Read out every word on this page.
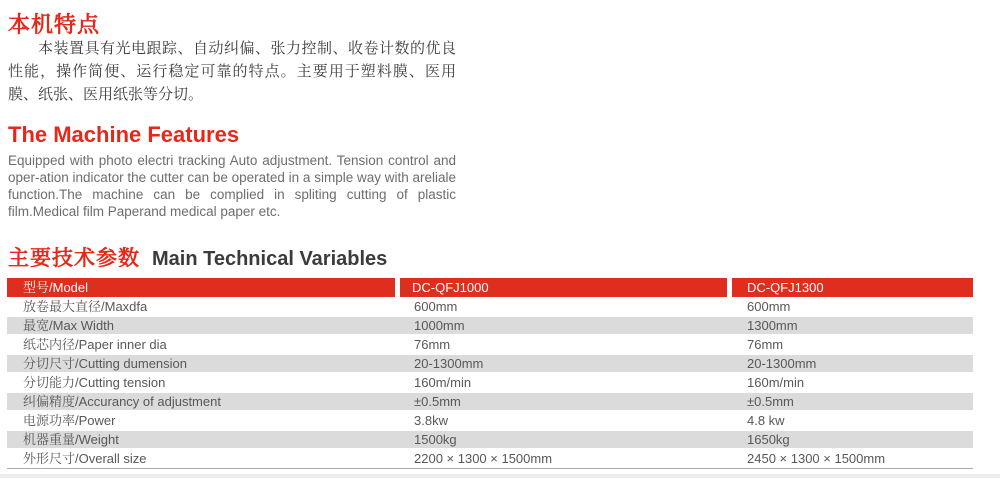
本机特点
本装置具有光电跟踪、自动纠偏、张力控制、收卷计数的优良性能，操作简便、运行稳定可靠的特点。主要用于塑料膜、医用膜、纸张、医用纸张等分切。
The Machine Features
Equipped with photo electri tracking Auto adjustment. Tension control and oper-ation indicator the cutter can be operated in a simple way with areliale function.The machine can be complied in spliting cutting of plastic film.Medical film Paperand medical paper etc.
主要技术参数 Main Technical Variables
型号/Model	DC-QFJ1000	DC-QFJ1300
放卷最大直径/Maxdfa	600mm	600mm
最宽/Max Width	1000mm	1300mm
纸芯内径/Paper inner dia	76mm	76mm
分切尺寸/Cutting dumension	20-1300mm	20-1300mm
分切能力/Cutting tension	160m/min	160m/min
纠偏精度/Accurancy of adjustment	±0.5mm	±0.5mm
电源功率/Power	3.8kw	4.8 kw
机器重量/Weight	1500kg	1650kg
外形尺寸/Overall size	2200 × 1300 × 1500mm	2450 × 1300 × 1500mm
